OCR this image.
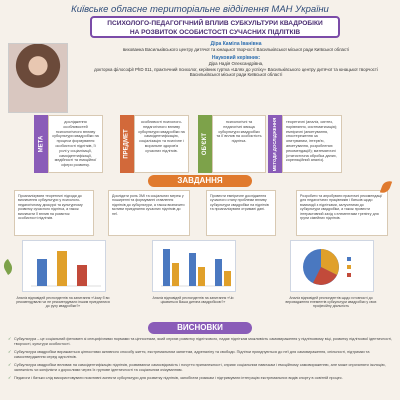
Київське обласне територіальне відділення МАН України
ПСИХОЛОГО-ПЕДАГОГІЧНИЙ ВПЛИВ СУБКУЛЬТУРИ КВАДРОБІКИ
НА РОЗВИТОК ОСОБИСТОСТІ СУЧАСНИХ ПІДЛІТКІВ
Діра Каміла Іванівна
вихованка Васильківського центру дитячої та юнацької творчості Васильківської міської ради Київської області
Науковий керівник:
Діра Надія Олександрівна,
докторка філософії PhD 011, практичний психолог, керівник гуртка «Шлях до успіху» Васильківського центру дитячої та юнацької творчості Васильківської міської ради Київської області
МЕТА
дослідження особливостей психологічного впливу субкультури квадробіки на процеси формування особистості підлітків, її ролі у соціалізації, самоідентифікації, медійності та емоційної сфери розвитку.
ПРЕДМЕТ
особливості психолого-педагогічного впливу субкультури квадробіки на самоідентифікацію, соціалізацію та психічне і моральне здоров'я сучасних підлітків.	ОБ'ЄКТ
психологічні та педагогічні явища субкультури квадробіки та її вплив на особистість підлітка.	МЕТОДИ ДОСЛІДЖЕННЯ	теоретичні (аналіз, синтез, порівняння, систематизація); емпіричні (анкетування, спостереження за опитуваним, інтерв'ю, анкетування, розроблених рекомендацій); математичні (статистична обробка даних, кореляційний аналіз).
ЗАВДАННЯ
Проаналізувати теоретичні підходи до визначення субкультури у психолого-педагогічному дискурсі та культурному розвитку сучасного підлітка, а також визначити її вплив на розвиток особистості підлітків.
Дослідити роль ЗМІ та соціальних мереж у поширенні та формуванні ставлення підлітків до субкультури, а також визначити мотиви приєднання сучасних підлітків до неї.
Провести емпіричне дослідження сучасного стану проблеми впливу субкультури квадробіки на підлітків та проаналізувати отримані дані.
Розробити та апробувати практичні рекомендації для педагогічних працівників і батьків щодо взаємодії з підлітками, залученими до субкультури квадробіки, а також провести інтерактивний захід з елементами тренінгу для групи сімейних підлітків.
Аналіз відповідей респондентів на запитання «Чому б ви рекомендували чи не рекомендували іншим приєднатися до руху квадробіки?»
Аналіз відповідей респондентів на запитання «Чи цікавиться Ваша дитина квадробікою?»
Аналіз відповідей респондентів щодо готовності до впровадження елементів субкультури квадробіки у своє професійну діяльність
ВИСНОВКИ
✓ Субкультура – це соціальний феномен зі специфічними нормами та цінностями, який сприяє розвитку підліткового, надає підліткам можливість самовираження у підлітковому віці, розвитку підліткової ідентичності, творчості, культури особистості.
✓ Субкультура квадробіки виражається цінностями активного способу життя, екстремальним заняттям, адреналіну та свободи. Підлітки приєднуються до неї для самовираження, спільності, підтримки та самоствердження серед однолітків.
✓ Субкультура квадробіки впливає на самоідентифікацію підлітків, розвиваючи самосвідомість і почуття приналежності, сприяє соціальним навичкам і емоційному самовираженню, але може спричиняти ізоляцію, залежність чи конфлікти з дорослими через їх групове ідентичності та соціальним очікуванням.
✓ Педагоги і батьки слід використовувати позитивні аспекти субкультури для розвитку підлітків, запобігати ризикам і підтримувати інтеграцію екстремальних видів спорту в освітній процес.
